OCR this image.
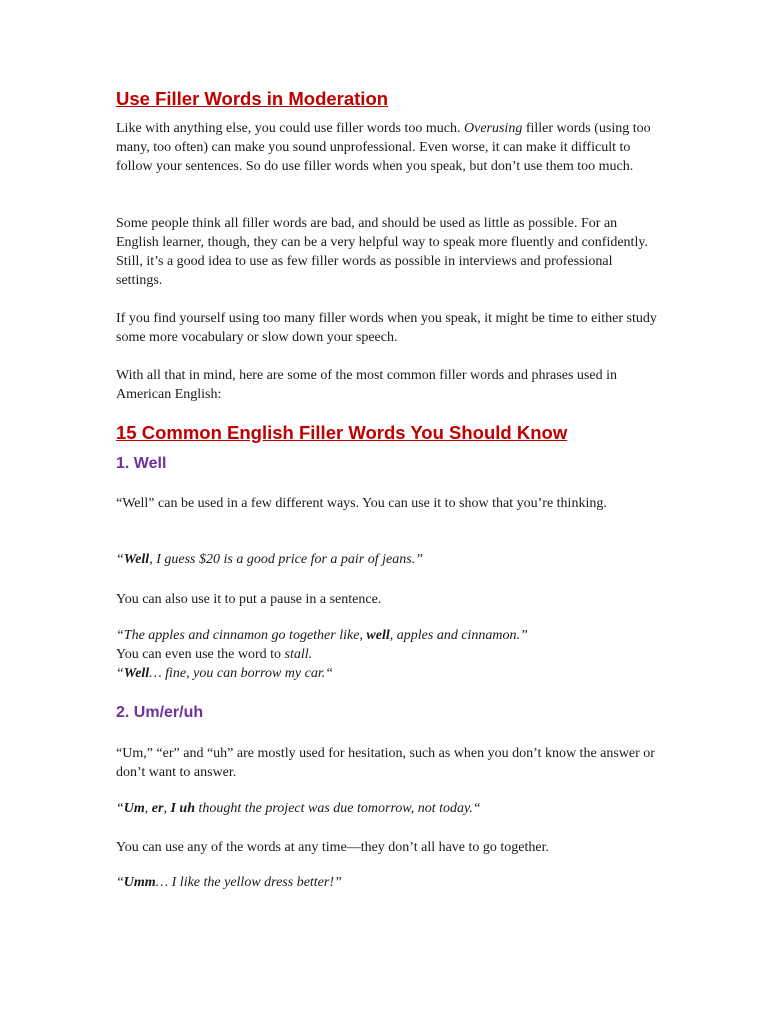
Use Filler Words in Moderation

Like with anything else, you could use filler words too much. Overusing filler words (using too many, too often) can make you sound unprofessional. Even worse, it can make it difficult to follow your sentences. So do use filler words when you speak, but don’t use them too much.

Some people think all filler words are bad, and should be used as little as possible. For an English learner, though, they can be a very helpful way to speak more fluently and confidently. Still, it’s a good idea to use as few filler words as possible in interviews and professional settings.

If you find yourself using too many filler words when you speak, it might be time to either study some more vocabulary or slow down your speech.

With all that in mind, here are some of the most common filler words and phrases used in American English:

15 Common English Filler Words You Should Know
1. Well

“Well” can be used in a few different ways. You can use it to show that you’re thinking.

“Well, I guess $20 is a good price for a pair of jeans.”

You can also use it to put a pause in a sentence.

“The apples and cinnamon go together like, well, apples and cinnamon.”

You can even use the word to stall.

“Well… fine, you can borrow my car.“

2. Um/er/uh

“Um,” “er” and “uh” are mostly used for hesitation, such as when you don’t know the answer or don’t want to answer.

“Um, er, I uh thought the project was due tomorrow, not today.“

You can use any of the words at any time—they don’t all have to go together.

“Umm… I like the yellow dress better!”
